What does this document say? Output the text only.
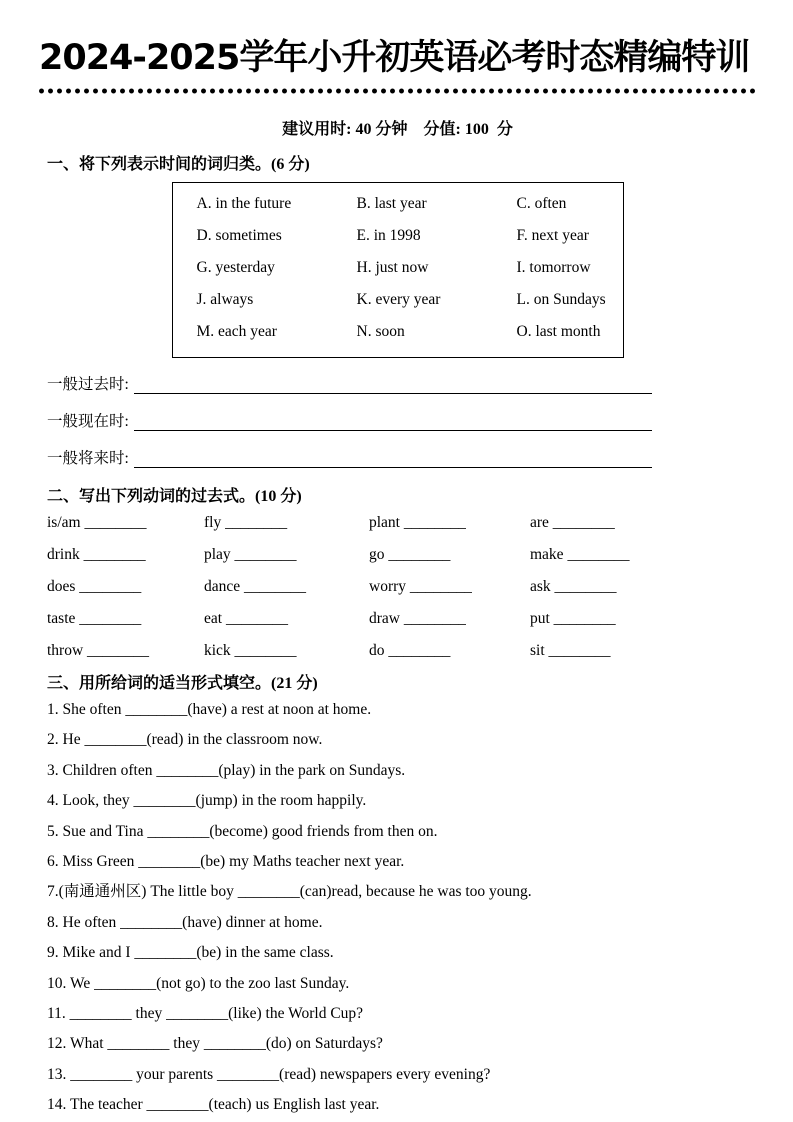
2024-2025学年小升初英语必考时态精编特训
建议用时: 40 分钟    分值: 100  分
一、将下列表示时间的词归类。(6 分)
A. in the future	B. last year	C. often
D. sometimes	E. in 1998	F. next year
G. yesterday	H. just now	I. tomorrow
J. always	K. every year	L. on Sundays
M. each year	N. soon	O. last month
一般过去时:
一般现在时:
一般将来时:
二、写出下列动词的过去式。(10 分)
is/am ________	fly ________	plant ________	are ________
drink ________	play ________	go ________	make ________
does ________	dance ________	worry ________	ask ________
taste ________	eat ________	draw ________	put ________
throw ________	kick ________	do ________	sit ________
三、用所给词的适当形式填空。(21 分)

1. She often ________(have) a rest at noon at home.

2. He ________(read) in the classroom now.

3. Children often ________(play) in the park on Sundays.

4. Look, they ________(jump) in the room happily.

5. Sue and Tina ________(become) good friends from then on.

6. Miss Green ________(be) my Maths teacher next year.

7.(南通通州区) The little boy ________(can)read, because he was too young.

8. He often ________(have) dinner at home.

9. Mike and I ________(be) in the same class.

10. We ________(not go) to the zoo last Sunday.

11. ________ they ________(like) the World Cup?

12. What ________ they ________(do) on Saturdays?

13. ________ your parents ________(read) newspapers every evening?

14. The teacher ________(teach) us English last year.
